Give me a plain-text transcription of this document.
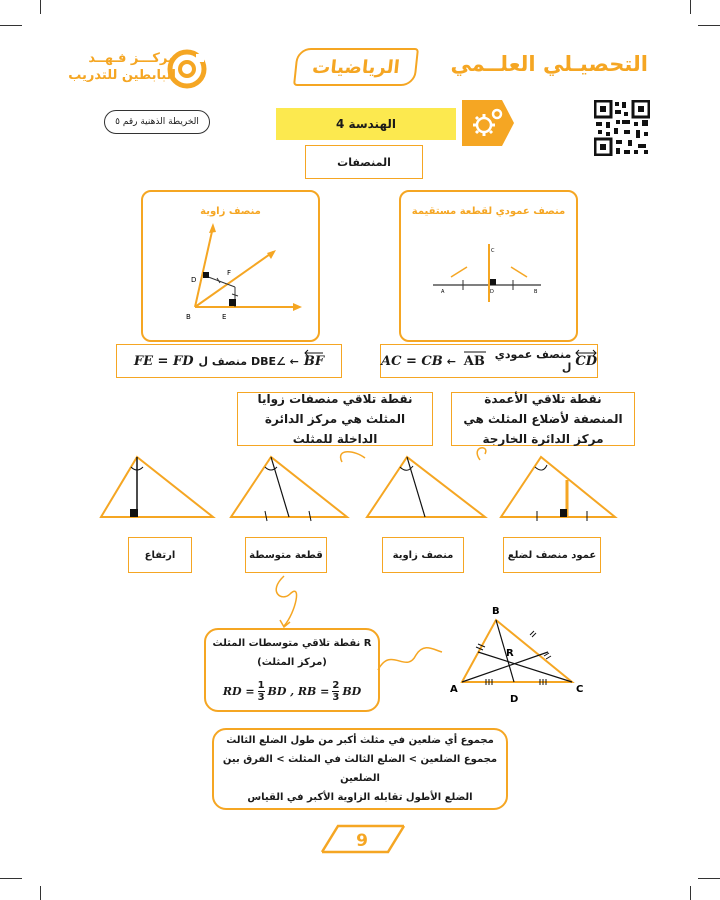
التحصيـلي العلــمي
الرياضيات
مركـــز فـهــد
البابطين للتدريب
الخريطة الذهنية رقم ٥	الهندسة 4
المنصفات
منصف زاوية
D
F
B	E
منصف عمودي لقطعة مستقيمة
C
A	D	B
FE = FD ← ∠DBE منصف ل BF	AC = CB ← AB منصف عمودي ل CD
نقطة تلاقي منصفات زوايا المثلث هي مركز الدائرة الداخلة للمثلث
نقطة تلاقي الأعمدة المنصفة لأضلاع المثلث هي مركز الدائرة الخارجة
ارتفاع	قطعة متوسطة	منصف زاوية	عمود منصف لضلع
R نقطة تلاقي متوسطات المثلث
(مركز المثلث)
RD = $\frac{1}{3}$ BD , RB = $\frac{2}{3}$ BD
B
R
A
D
C
مجموع أي ضلعين في مثلث أكبر من طول الضلع الثالث
مجموع الضلعين > الضلع الثالث في المثلث > الفرق بين الضلعين
الضلع الأطول تقابله الزاوية الأكبر في القياس
9
